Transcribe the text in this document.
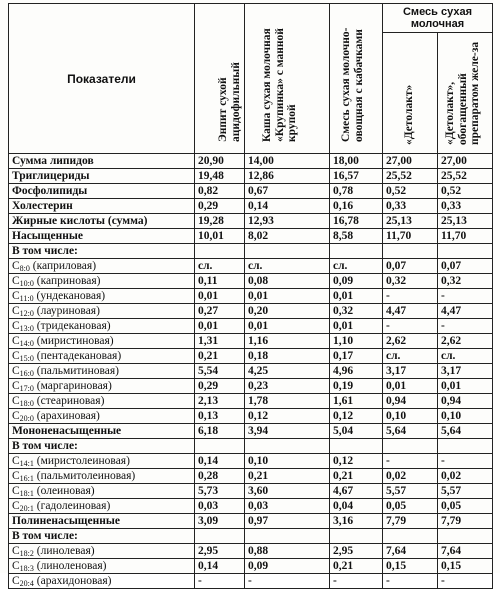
Показатели	Энпит сухой ацидофильный	Каша сухая молочная «Крупинка» с манной крупой	Смесь сухая молочно-овощная с кабачками	Смесь сухая молочная	

				«Детолакт»	«Детолакт», обогащенный препаратом желе-за

Сумма липидов	20,90	14,00	18,00	27,00	27,00
Триглицериды	19,48	12,86	16,57	25,52	25,52
Фосфолипиды	0,82	0,67	0,78	0,52	0,52
Холестерин	0,29	0,14	0,16	0,33	0,33
Жирные кислоты (сумма)	19,28	12,93	16,78	25,13	25,13
Насыщенные	10,01	8,02	8,58	11,70	11,70
В том числе:					
$C_{8:0}$ (каприловая)	сл.	сл.	сл.	0,07	0,07
$C_{10:0}$ (каприновая)	0,11	0,08	0,09	0,32	0,32
$C_{11:0}$ (ундекановая)	0,01	0,01	0,01	-	-
$C_{12:0}$ (лауриновая)	0,27	0,20	0,32	4,47	4,47
$C_{13:0}$ (тридекановая)	0,01	0,01	0,01	-	-
$C_{14:0}$ (миристиновая)	1,31	1,16	1,10	2,62	2,62
$C_{15:0}$ (пентадекановая)	0,21	0,18	0,17	сл.	сл.
$C_{16:0}$ (пальмитиновая)	5,54	4,25	4,96	3,17	3,17
$C_{17:0}$ (маргариновая)	0,29	0,23	0,19	0,01	0,01
$C_{18:0}$ (стеариновая)	2,13	1,78	1,61	0,94	0,94
$C_{20:0}$ (арахиновая)	0,13	0,12	0,12	0,10	0,10
Мононенасыщенные	6,18	3,94	5,04	5,64	5,64
В том числе:					
$C_{14:1}$ (миристолеиновая)	0,14	0,10	0,12	-	-
$C_{16:1}$ (пальмитолеиновая)	0,28	0,21	0,21	0,02	0,02
$C_{18:1}$ (олеиновая)	5,73	3,60	4,67	5,57	5,57
$C_{20:1}$ (гадолеиновая)	0,03	0,03	0,04	0,05	0,05
Полиненасыщенные	3,09	0,97	3,16	7,79	7,79
В том числе:					
$C_{18:2}$ (линолевая)	2,95	0,88	2,95	7,64	7,64
$C_{18:3}$ (линоленовая)	0,14	0,09	0,21	0,15	0,15
$C_{20:4}$ (арахидоновая)	-	-	-	-	-
